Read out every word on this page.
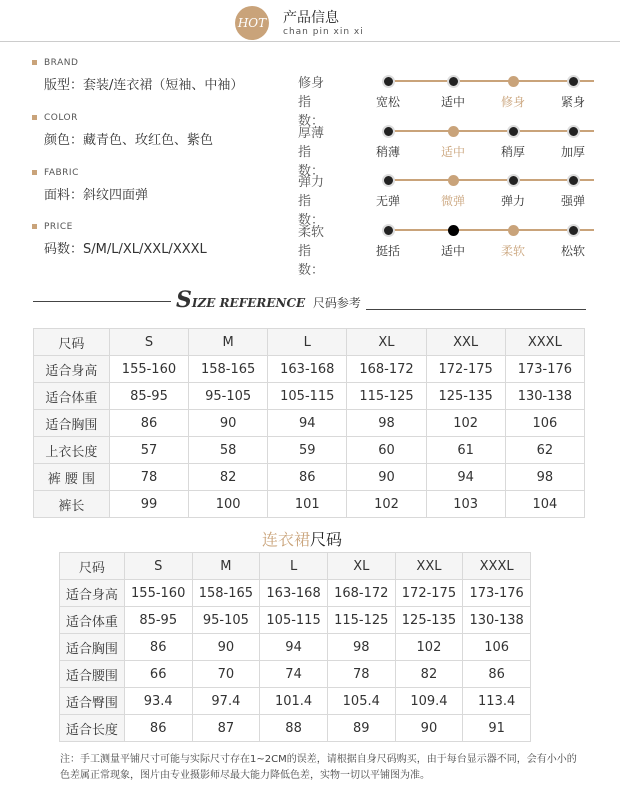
HOT 产品信息
chan pin xin xi
BRAND
版型：套装/连衣裙（短袖、中袖）
COLOR
颜色：藏青色、玫红色、紫色
FABRIC
面料：斜纹四面弹
PRICE
码数：S/M/L/XL/XXL/XXXL
修身指数：
宽松	适中	修身	紧身
厚薄指数：
稍薄	适中	稍厚	加厚
弹力指数：
无弹	微弹	弹力	强弹
柔软指数：
挺括	适中	柔软	松软
SIZE REFERENCE 尺码参考
尺码	S	M	L	XL	XXL	XXXL
适合身高	155-160	158-165	163-168	168-172	172-175	173-176
适合体重	85-95	95-105	105-115	115-125	125-135	130-138
适合胸围	86	90	94	98	102	106
上衣长度	57	58	59	60	61	62
裤 腰 围	78	82	86	90	94	98
裤长	99	100	101	102	103	104
连衣裙尺码
尺码	S	M	L	XL	XXL	XXXL
适合身高	155-160	158-165	163-168	168-172	172-175	173-176
适合体重	85-95	95-105	105-115	115-125	125-135	130-138
适合胸围	86	90	94	98	102	106
适合腰围	66	70	74	78	82	86
适合臀围	93.4	97.4	101.4	105.4	109.4	113.4
适合长度	86	87	88	89	90	91
注：手工测量平铺尺寸可能与实际尺寸存在1~2CM的误差，请根据自身尺码购买，由于每台显示器不同，会有小小的色差属正常现象，图片由专业摄影师尽最大能力降低色差，实物一切以平铺图为准。
